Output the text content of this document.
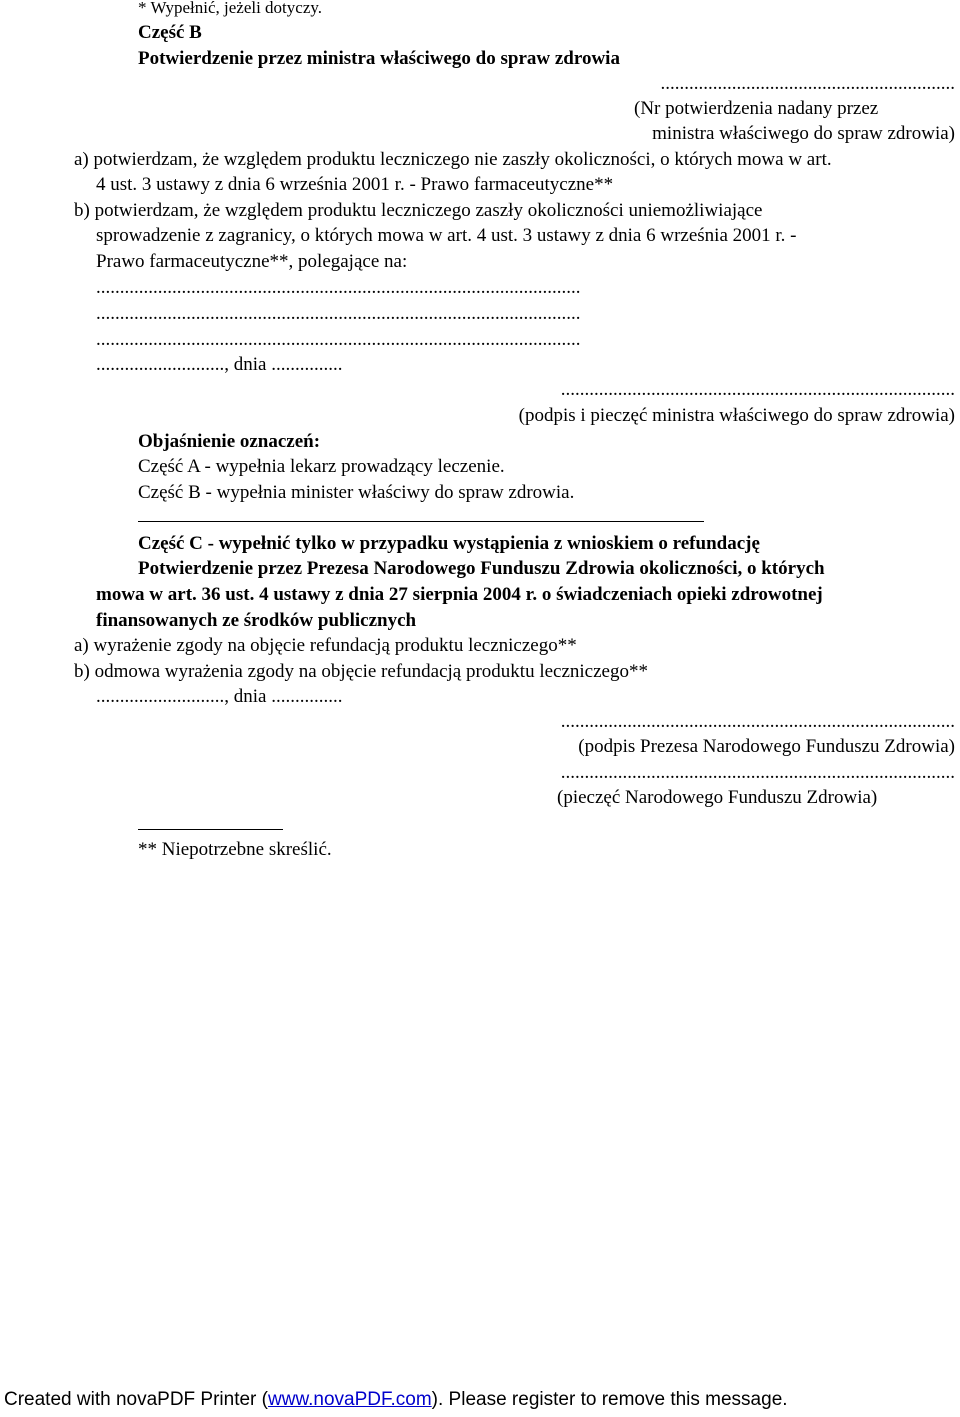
* Wypełnić, jeżeli dotyczy.
Część B
Potwierdzenie przez ministra właściwego do spraw zdrowia
..............................................................
(Nr potwierdzenia nadany przez
ministra właściwego do spraw zdrowia)
a) potwierdzam, że względem produktu leczniczego nie zaszły okoliczności, o których mowa w art.
4 ust. 3 ustawy z dnia 6 września 2001 r. - Prawo farmaceutyczne**
b) potwierdzam, że względem produktu leczniczego zaszły okoliczności uniemożliwiające
sprowadzenie z zagranicy, o których mowa w art. 4 ust. 3 ustawy z dnia 6 września 2001 r. -
Prawo farmaceutyczne**, polegające na:
......................................................................................................
......................................................................................................
......................................................................................................
..........................., dnia ...............
...................................................................................
(podpis i pieczęć ministra właściwego do spraw zdrowia)
Objaśnienie oznaczeń:
Część A - wypełnia lekarz prowadzący leczenie.
Część B - wypełnia minister właściwy do spraw zdrowia.
Część C - wypełnić tylko w przypadku wystąpienia z wnioskiem o refundację
Potwierdzenie przez Prezesa Narodowego Funduszu Zdrowia okoliczności, o których
mowa w art. 36 ust. 4 ustawy z dnia 27 sierpnia 2004 r. o świadczeniach opieki zdrowotnej
finansowanych ze środków publicznych
a) wyrażenie zgody na objęcie refundacją produktu leczniczego**
b) odmowa wyrażenia zgody na objęcie refundacją produktu leczniczego**
..........................., dnia ...............
...................................................................................
(podpis Prezesa Narodowego Funduszu Zdrowia)
...................................................................................
(pieczęć Narodowego Funduszu Zdrowia)
** Niepotrzebne skreślić.
Created with novaPDF Printer (www.novaPDF.com). Please register to remove this message.
